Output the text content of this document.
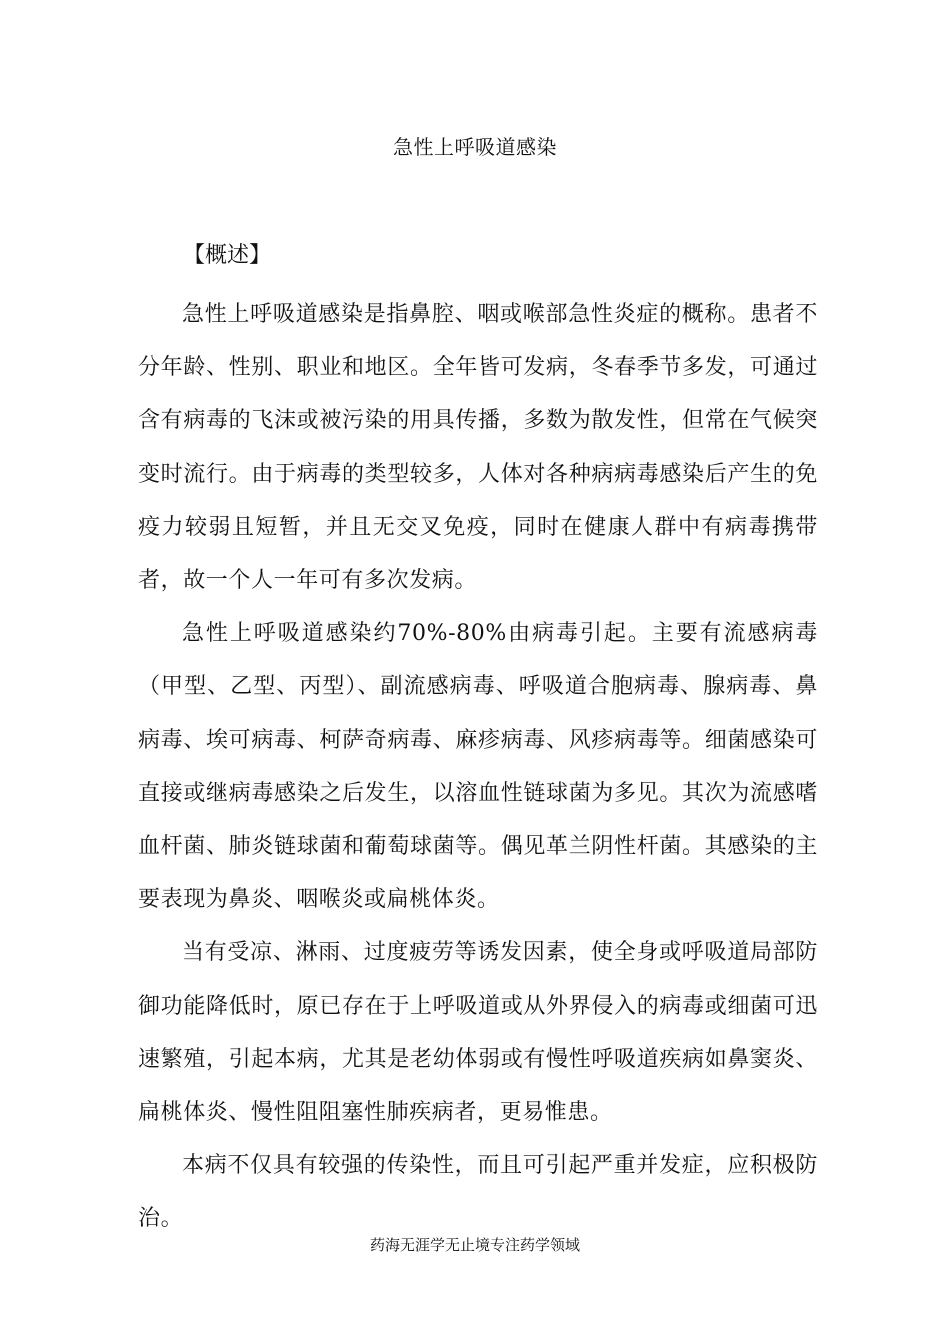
急性上呼吸道感染
【概述】

急性上呼吸道感染是指鼻腔、咽或喉部急性炎症的概称。患者不分年龄、性别、职业和地区。全年皆可发病，冬春季节多发，可通过含有病毒的飞沫或被污染的用具传播，多数为散发性，但常在气候突变时流行。由于病毒的类型较多，人体对各种病病毒感染后产生的免疫力较弱且短暂，并且无交叉免疫，同时在健康人群中有病毒携带者，故一个人一年可有多次发病。

急性上呼吸道感染约70%-80%由病毒引起。主要有流感病毒（甲型、乙型、丙型）、副流感病毒、呼吸道合胞病毒、腺病毒、鼻病毒、埃可病毒、柯萨奇病毒、麻疹病毒、风疹病毒等。细菌感染可直接或继病毒感染之后发生，以溶血性链球菌为多见。其次为流感嗜血杆菌、肺炎链球菌和葡萄球菌等。偶见革兰阴性杆菌。其感染的主要表现为鼻炎、咽喉炎或扁桃体炎。

当有受凉、淋雨、过度疲劳等诱发因素，使全身或呼吸道局部防御功能降低时，原已存在于上呼吸道或从外界侵入的病毒或细菌可迅速繁殖，引起本病，尤其是老幼体弱或有慢性呼吸道疾病如鼻窦炎、扁桃体炎、慢性阻阻塞性肺疾病者，更易惟患。

本病不仅具有较强的传染性，而且可引起严重并发症，应积极防治。

药海无涯学无止境专注药学领域
